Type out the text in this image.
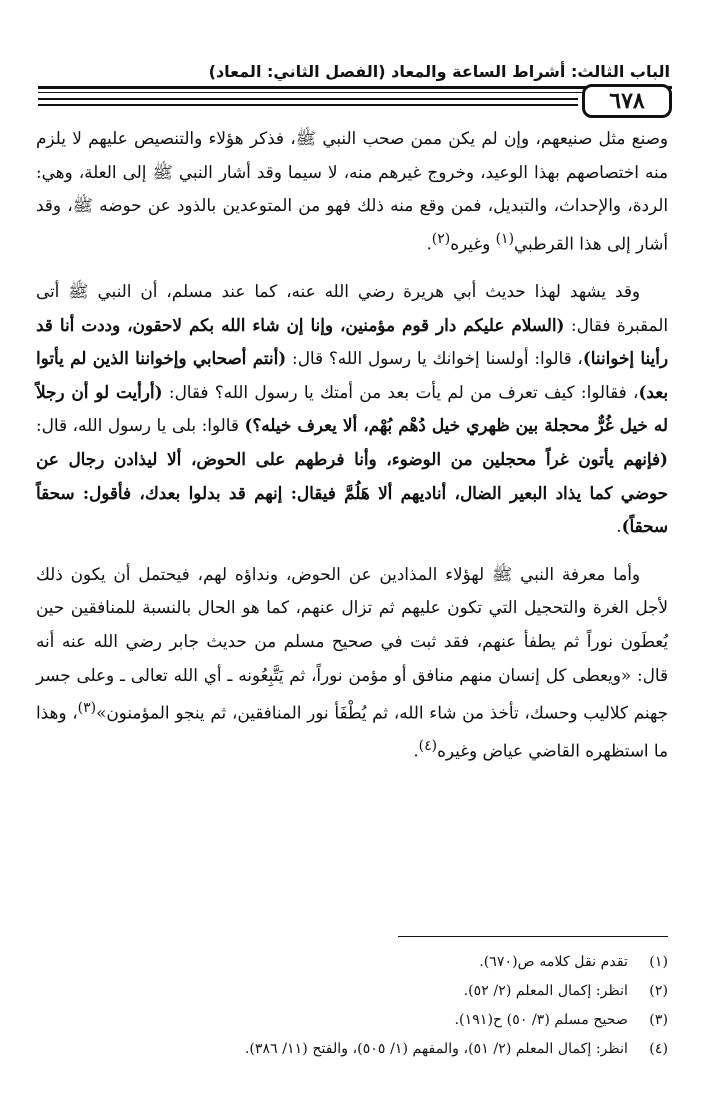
الباب الثالث: أشراط الساعة والمعاد (الفصل الثاني: المعاد)
٦٧٨

وصنع مثل صنيعهم، وإن لم يكن ممن صحب النبي ﷺ، فذكر هؤلاء والتنصيص عليهم لا يلزم منه اختصاصهم بهذا الوعيد، وخروج غيرهم منه، لا سيما وقد أشار النبي ﷺ إلى العلة، وهي: الردة، والإحداث، والتبديل، فمن وقع منه ذلك فهو من المتوعدين بالذود عن حوضه ﷺ، وقد أشار إلى هذا القرطبي$^{(١)}$ وغيره$^{(٢)}$.

وقد يشهد لهذا حديث أبي هريرة رضي الله عنه، كما عند مسلم، أن النبي ﷺ أتى المقبرة فقال: (السلام عليكم دار قوم مؤمنين، وإنا إن شاء الله بكم لاحقون، وددت أنا قد رأينا إخواننا)، قالوا: أولسنا إخوانك يا رسول الله؟ قال: (أنتم أصحابي وإخواننا الذين لم يأتوا بعد)، فقالوا: كيف تعرف من لم يأت بعد من أمتك يا رسول الله؟ فقال: (أرأيت لو أن رجلاً له خيل غُرٌّ محجلة بين ظهري خيل دُهْم بُهْم، ألا يعرف خيله؟) قالوا: بلى يا رسول الله، قال: (فإنهم يأتون غراً محجلين من الوضوء، وأنا فرطهم على الحوض، ألا ليذادن رجال عن حوضي كما يذاد البعير الضال، أناديهم ألا هَلُمَّ فيقال: إنهم قد بدلوا بعدك، فأقول: سحقاً سحقاً).

وأما معرفة النبي ﷺ لهؤلاء المذادين عن الحوض، ونداؤه لهم، فيحتمل أن يكون ذلك لأجل الغرة والتحجيل التي تكون عليهم ثم تزال عنهم، كما هو الحال بالنسبة للمنافقين حين يُعطَون نوراً ثم يطفأ عنهم، فقد ثبت في صحيح مسلم من حديث جابر رضي الله عنه أنه قال: «ويعطى كل إنسان منهم منافق أو مؤمن نوراً، ثم يَتَّبِعُونه ـ أي الله تعالى ـ وعلى جسر جهنم كلاليب وحسك، تأخذ من شاء الله، ثم يُطْفَأ نور المنافقين، ثم ينجو المؤمنون»$^{(٣)}$، وهذا ما استظهره القاضي عياض وغيره$^{(٤)}$.

(١)
تقدم نقل كلامه ص(٦٧٠).
(٢)
انظر: إكمال المعلم (٢/ ٥٢).
(٣)
صحيح مسلم (٣/ ٥٠) ح(١٩١).
(٤)
انظر: إكمال المعلم (٢/ ٥١)، والمفهم (١/ ٥٠٥)، والفتح (١١/ ٣٨٦).
